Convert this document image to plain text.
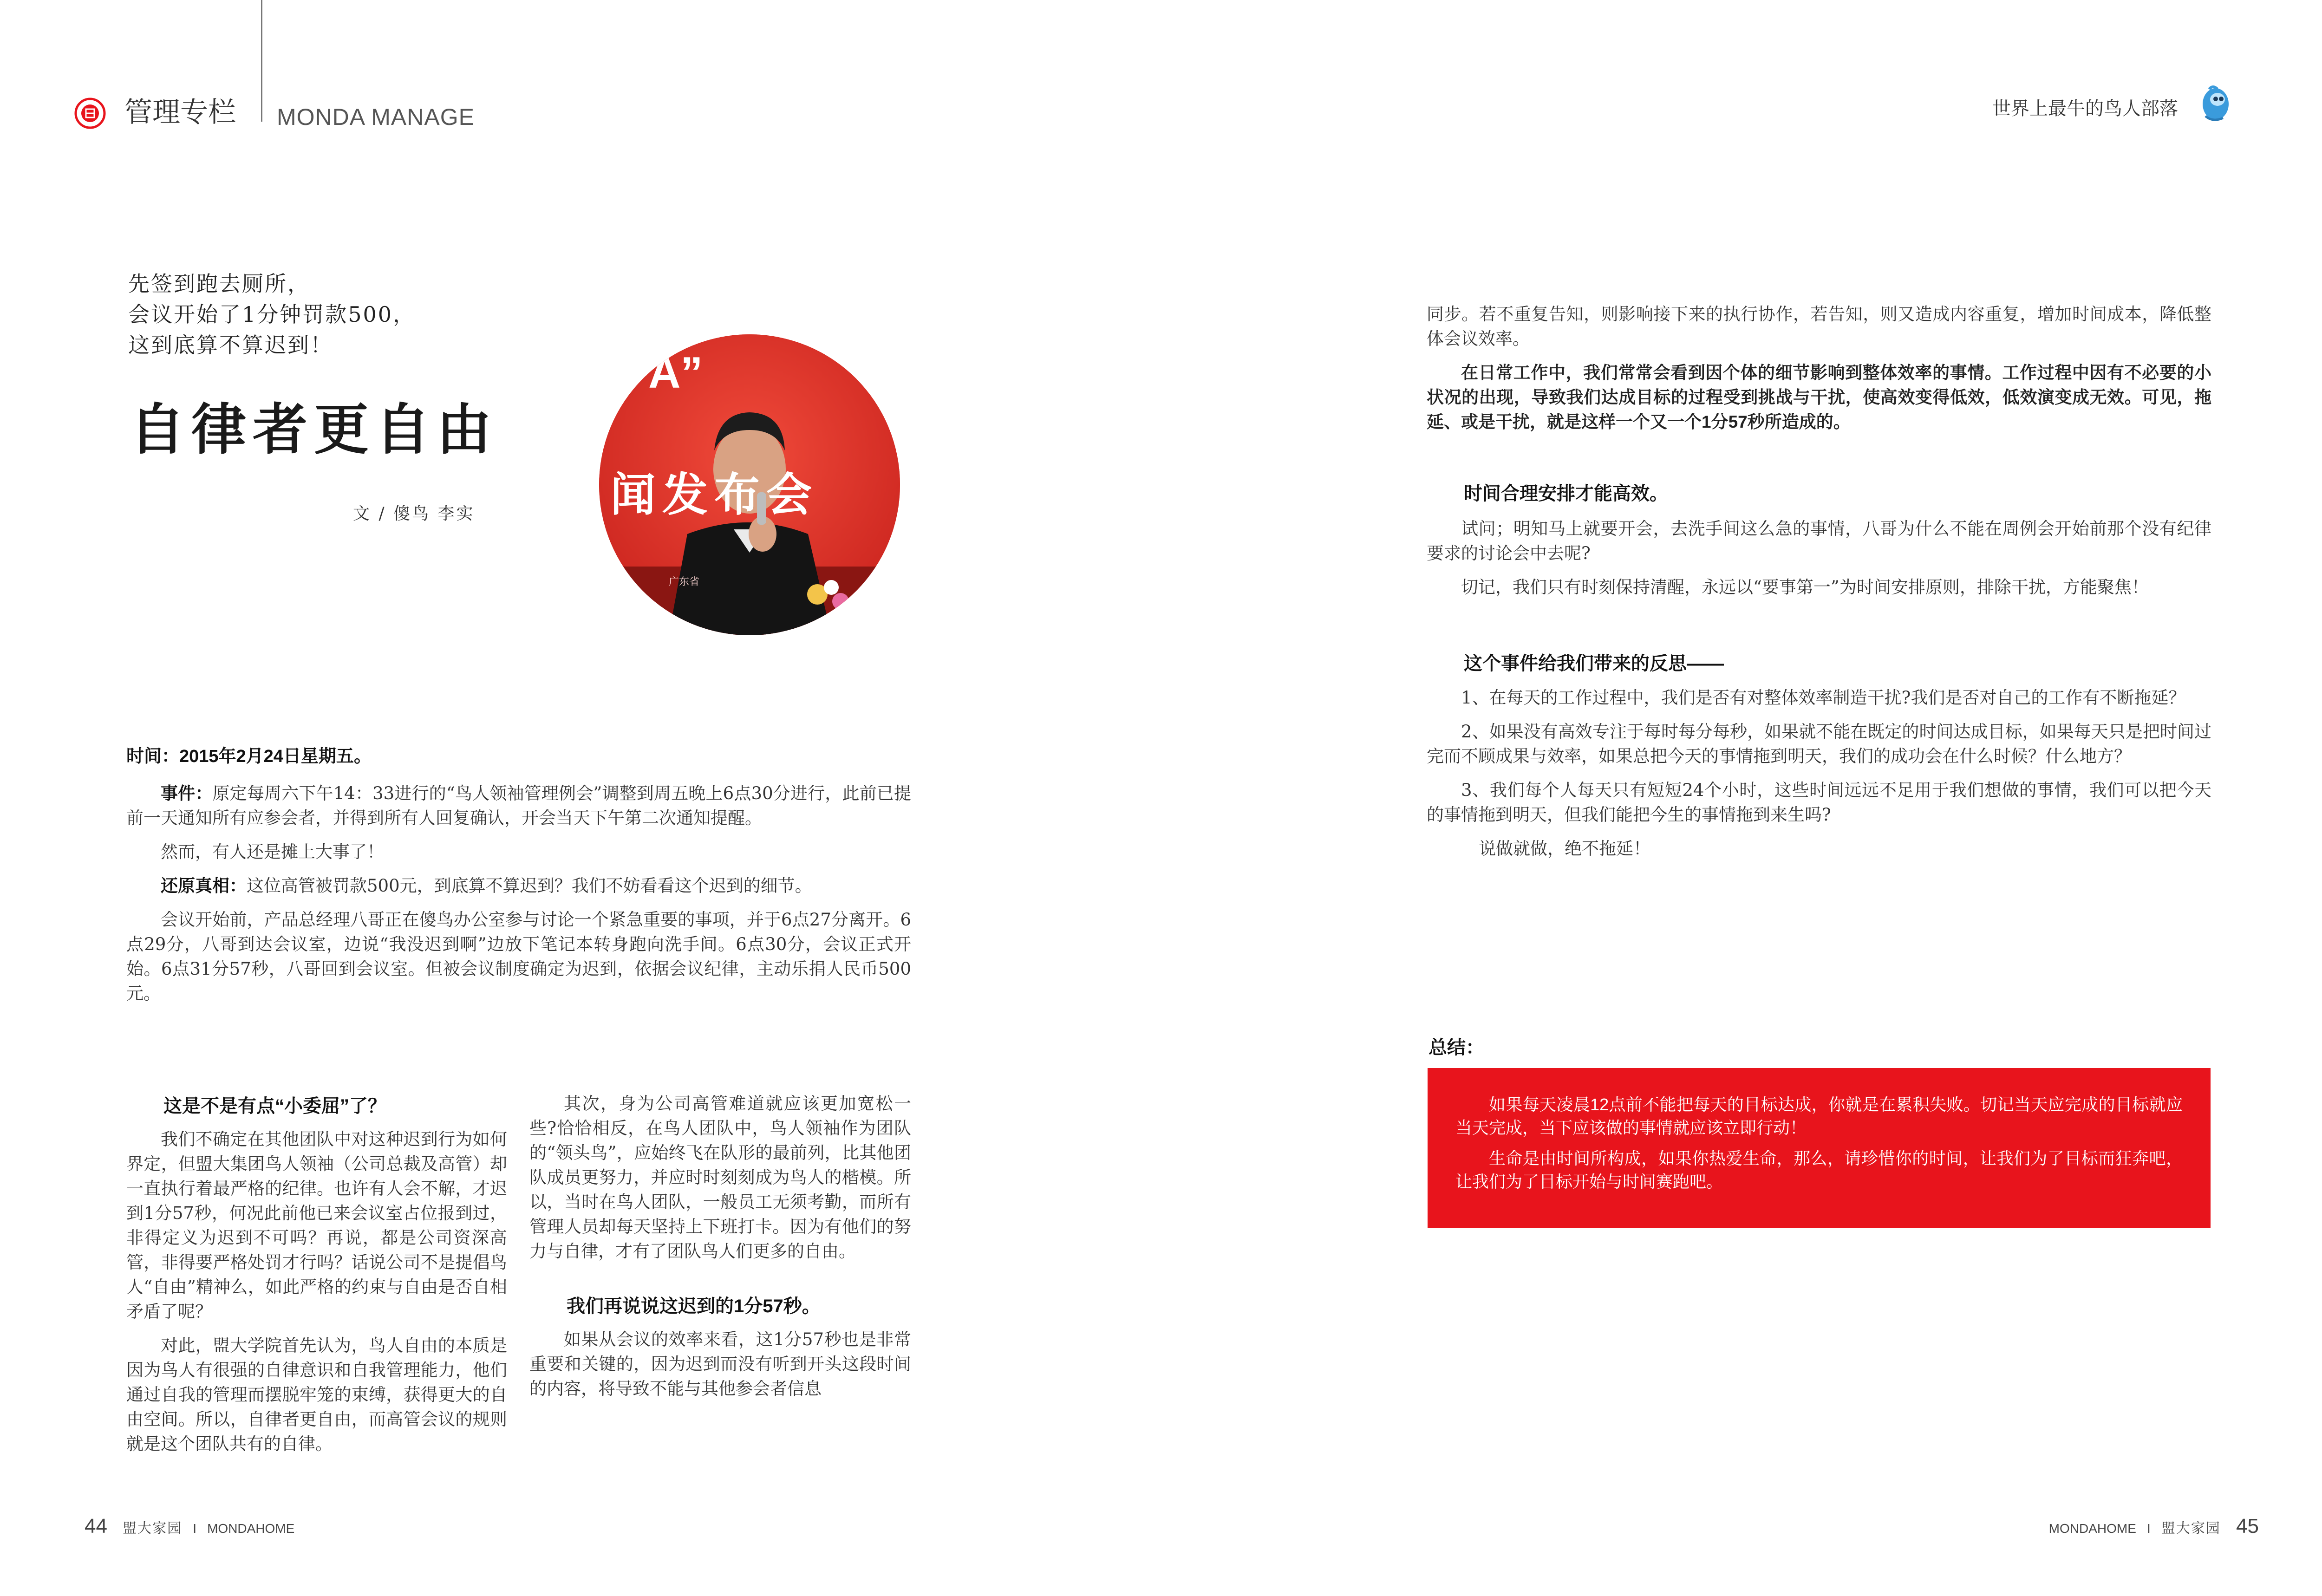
管理专栏 MONDA MANAGE	世界上最牛的鸟人部落
先签到跑去厕所，
会议开始了1分钟罚款500，
这到底算不算迟到！
自律者更自由
文 / 傻鸟 李实
+A”
闻发布会
广东省

时间：2015年2月24日星期五。

事件：原定每周六下午14：33进行的“鸟人领袖管理例会”调整到周五晚上6点30分进行，此前已提前一天通知所有应参会者，并得到所有人回复确认，开会当天下午第二次通知提醒。

然而，有人还是摊上大事了！

还原真相：这位高管被罚款500元，到底算不算迟到？我们不妨看看这个迟到的细节。

会议开始前，产品总经理八哥正在傻鸟办公室参与讨论一个紧急重要的事项，并于6点27分离开。6点29分，八哥到达会议室，边说“我没迟到啊”边放下笔记本转身跑向洗手间。6点30分，会议正式开始。6点31分57秒，八哥回到会议室。但被会议制度确定为迟到，依据会议纪律，主动乐捐人民币500元。

这是不是有点“小委屈”了？

我们不确定在其他团队中对这种迟到行为如何界定，但盟大集团鸟人领袖（公司总裁及高管）却一直执行着最严格的纪律。也许有人会不解，才迟到1分57秒，何况此前他已来会议室占位报到过，非得定义为迟到不可吗？再说，都是公司资深高管，非得要严格处罚才行吗？话说公司不是提倡鸟人“自由”精神么，如此严格的约束与自由是否自相矛盾了呢？

对此，盟大学院首先认为，鸟人自由的本质是因为鸟人有很强的自律意识和自我管理能力，他们通过自我的管理而摆脱牢笼的束缚，获得更大的自由空间。所以，自律者更自由，而高管会议的规则就是这个团队共有的自律。

其次，身为公司高管难道就应该更加宽松一些?恰恰相反，在鸟人团队中，鸟人领袖作为团队的“领头鸟”，应始终飞在队形的最前列，比其他团队成员更努力，并应时时刻刻成为鸟人的楷模。所以，当时在鸟人团队，一般员工无须考勤，而所有管理人员却每天坚持上下班打卡。因为有他们的努力与自律，才有了团队鸟人们更多的自由。

我们再说说这迟到的1分57秒。

如果从会议的效率来看，这1分57秒也是非常重要和关键的，因为迟到而没有听到开头这段时间的内容，将导致不能与其他参会者信息

同步。若不重复告知，则影响接下来的执行协作，若告知，则又造成内容重复，增加时间成本，降低整体会议效率。

在日常工作中，我们常常会看到因个体的细节影响到整体效率的事情。工作过程中因有不必要的小状况的出现，导致我们达成目标的过程受到挑战与干扰，使高效变得低效，低效演变成无效。可见，拖延、或是干扰，就是这样一个又一个1分57秒所造成的。

时间合理安排才能高效。

试问；明知马上就要开会，去洗手间这么急的事情，八哥为什么不能在周例会开始前那个没有纪律要求的讨论会中去呢?

切记，我们只有时刻保持清醒，永远以“要事第一”为时间安排原则，排除干扰，方能聚焦！

这个事件给我们带来的反思——

1、在每天的工作过程中，我们是否有对整体效率制造干扰?我们是否对自己的工作有不断拖延？

2、如果没有高效专注于每时每分每秒，如果就不能在既定的时间达成目标，如果每天只是把时间过完而不顾成果与效率，如果总把今天的事情拖到明天，我们的成功会在什么时候？什么地方？

3、我们每个人每天只有短短24个小时，这些时间远远不足用于我们想做的事情，我们可以把今天的事情拖到明天，但我们能把今生的事情拖到来生吗?

说做就做，绝不拖延！

总结：

如果每天凌晨12点前不能把每天的目标达成，你就是在累积失败。切记当天应完成的目标就应当天完成，当下应该做的事情就应该立即行动！

生命是由时间所构成，如果你热爱生命，那么，请珍惜你的时间，让我们为了目标而狂奔吧，让我们为了目标开始与时间赛跑吧。

44 盟大家园 I MONDAHOME	MONDAHOME I 盟大家园 45
